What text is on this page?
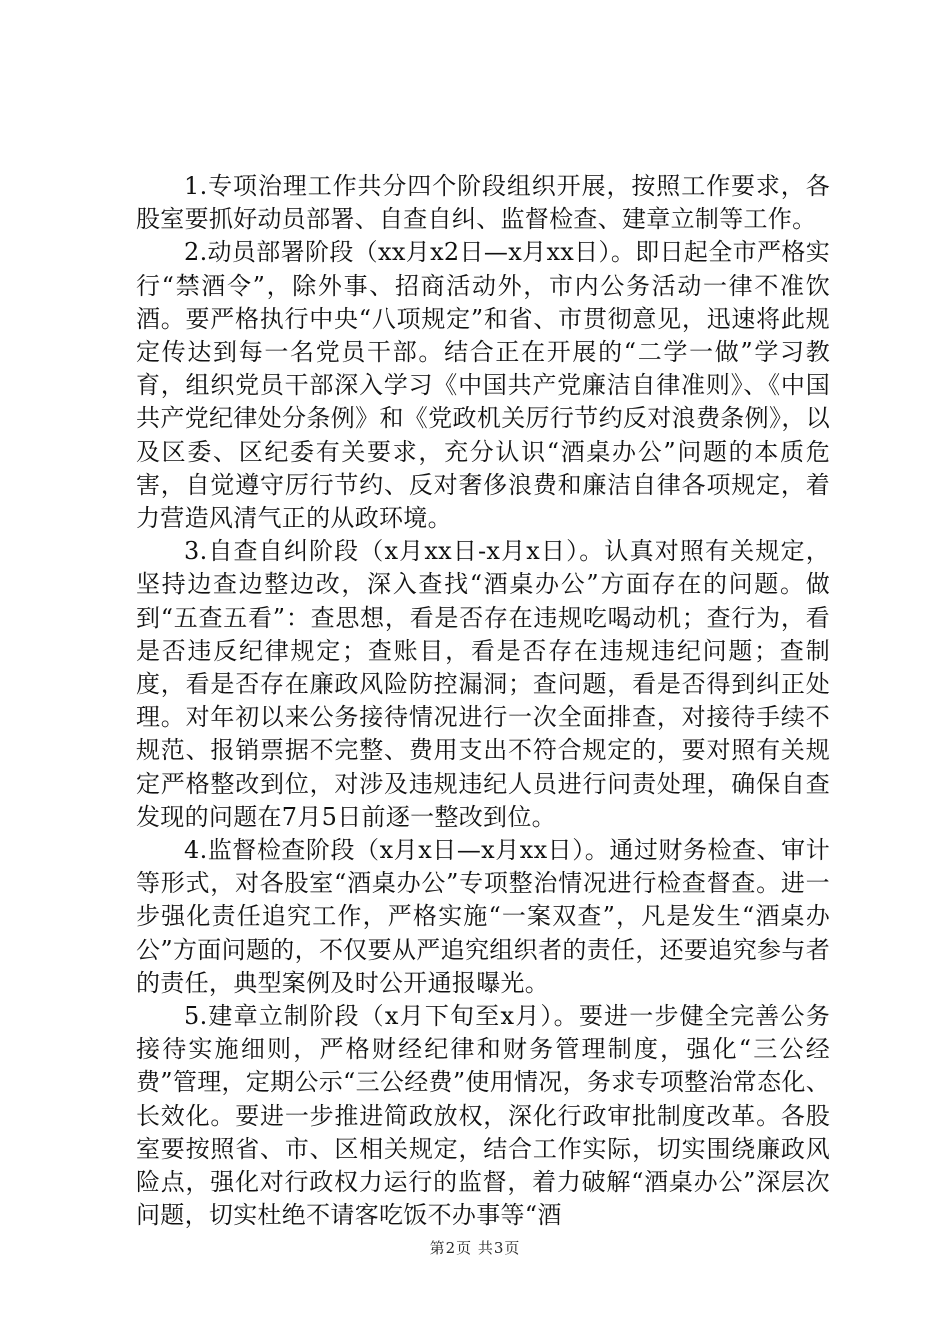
1.专项治理工作共分四个阶段组织开展，按照工作要求，各股室要抓好动员部署、自查自纠、监督检查、建章立制等工作。

2.动员部署阶段（xx月x2日—x月xx日）。即日起全市严格实行“禁酒令”，除外事、招商活动外，市内公务活动一律不准饮酒。要严格执行中央“八项规定”和省、市贯彻意见，迅速将此规定传达到每一名党员干部。结合正在开展的“二学一做”学习教育，组织党员干部深入学习《中国共产党廉洁自律准则》、《中国共产党纪律处分条例》和《党政机关厉行节约反对浪费条例》，以及区委、区纪委有关要求，充分认识“酒桌办公”问题的本质危害，自觉遵守厉行节约、反对奢侈浪费和廉洁自律各项规定，着力营造风清气正的从政环境。

3.自查自纠阶段（x月xx日-x月x日）。认真对照有关规定，坚持边查边整边改，深入查找“酒桌办公”方面存在的问题。做到“五查五看”：查思想，看是否存在违规吃喝动机；查行为，看是否违反纪律规定；查账目，看是否存在违规违纪问题；查制度，看是否存在廉政风险防控漏洞；查问题，看是否得到纠正处理。对年初以来公务接待情况进行一次全面排查，对接待手续不规范、报销票据不完整、费用支出不符合规定的，要对照有关规定严格整改到位，对涉及违规违纪人员进行问责处理，确保自查发现的问题在7月5日前逐一整改到位。

4.监督检查阶段（x月x日—x月xx日）。通过财务检查、审计等形式，对各股室“酒桌办公”专项整治情况进行检查督查。进一步强化责任追究工作，严格实施“一案双查”，凡是发生“酒桌办公”方面问题的，不仅要从严追究组织者的责任，还要追究参与者的责任，典型案例及时公开通报曝光。

5.建章立制阶段（x月下旬至x月）。要进一步健全完善公务接待实施细则，严格财经纪律和财务管理制度，强化“三公经费”管理，定期公示“三公经费”使用情况，务求专项整治常态化、长效化。要进一步推进简政放权，深化行政审批制度改革。各股室要按照省、市、区相关规定，结合工作实际，切实围绕廉政风险点，强化对行政权力运行的监督，着力破解“酒桌办公”深层次问题，切实杜绝不请客吃饭不办事等“酒

第2页 共3页
